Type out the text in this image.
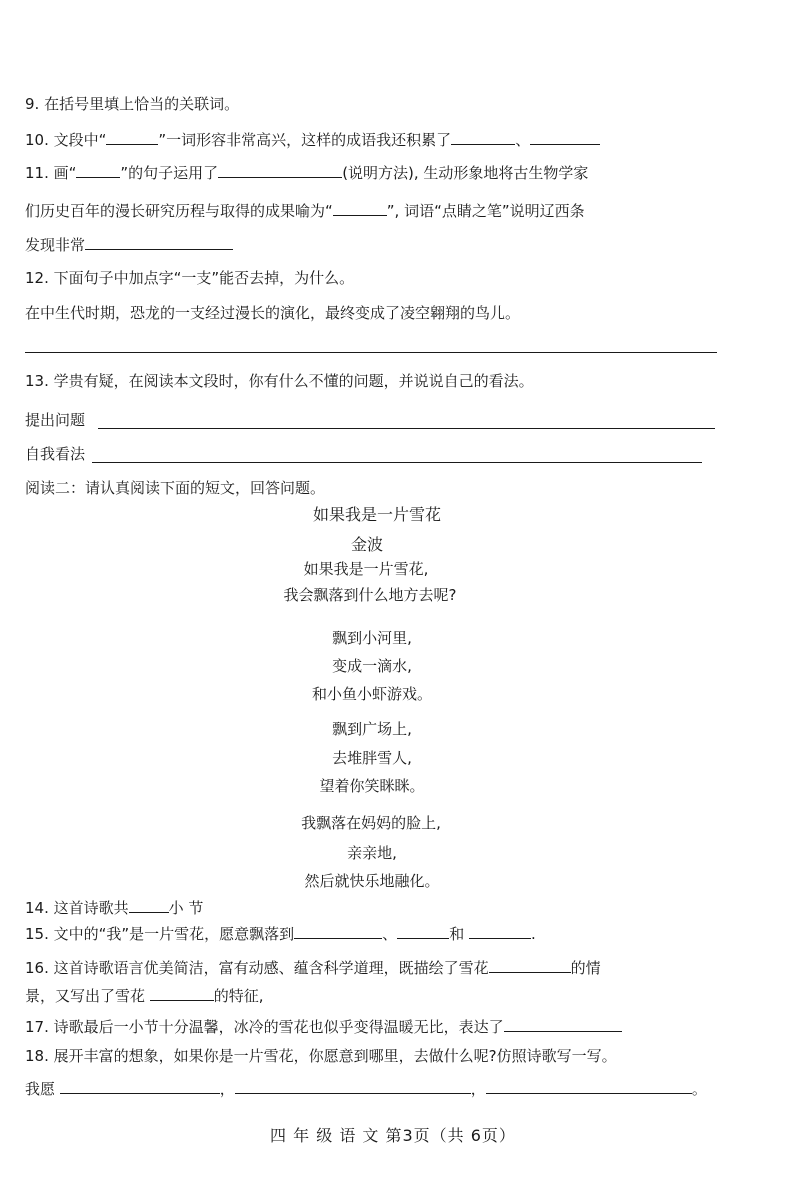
9. 在括号里填上恰当的关联词。
10. 文段中“	”一词形容非常高兴，这样的成语我还积累了	、
11. 画“	”的句子运用了	(说明方法), 生动形象地将古生物学家
们历史百年的漫长研究历程与取得的成果喻为“	”, 词语“点睛之笔”说明辽西条
发现非常
12. 下面句子中加点字“一支”能否去掉，为什么。
在中生代时期，恐龙的一支经过漫长的演化，最终变成了凌空翱翔的鸟儿。
13. 学贵有疑，在阅读本文段时，你有什么不懂的问题，并说说自己的看法。
提出问题
自我看法
阅读二：请认真阅读下面的短文，回答问题。
如果我是一片雪花
金波
如果我是一片雪花,
我会飘落到什么地方去呢?
飘到小河里,
变成一滴水,
和小鱼小虾游戏。
飘到广场上,
去堆胖雪人,
望着你笑眯眯。
我飘落在妈妈的脸上,
亲亲地,
然后就快乐地融化。
14. 这首诗歌共	小 节
15. 文中的“我”是一片雪花，愿意飘落到	、	和	.
16. 这首诗歌语言优美简洁，富有动感、蕴含科学道理，既描绘了雪花	的情
景，又写出了雪花	的特征,
17. 诗歌最后一小节十分温馨，冰冷的雪花也似乎变得温暖无比，表达了
18. 展开丰富的想象，如果你是一片雪花，你愿意到哪里，去做什么呢?仿照诗歌写一写。
我愿	，	，	。
四 年 级 语 文 第3页（共 6页）
